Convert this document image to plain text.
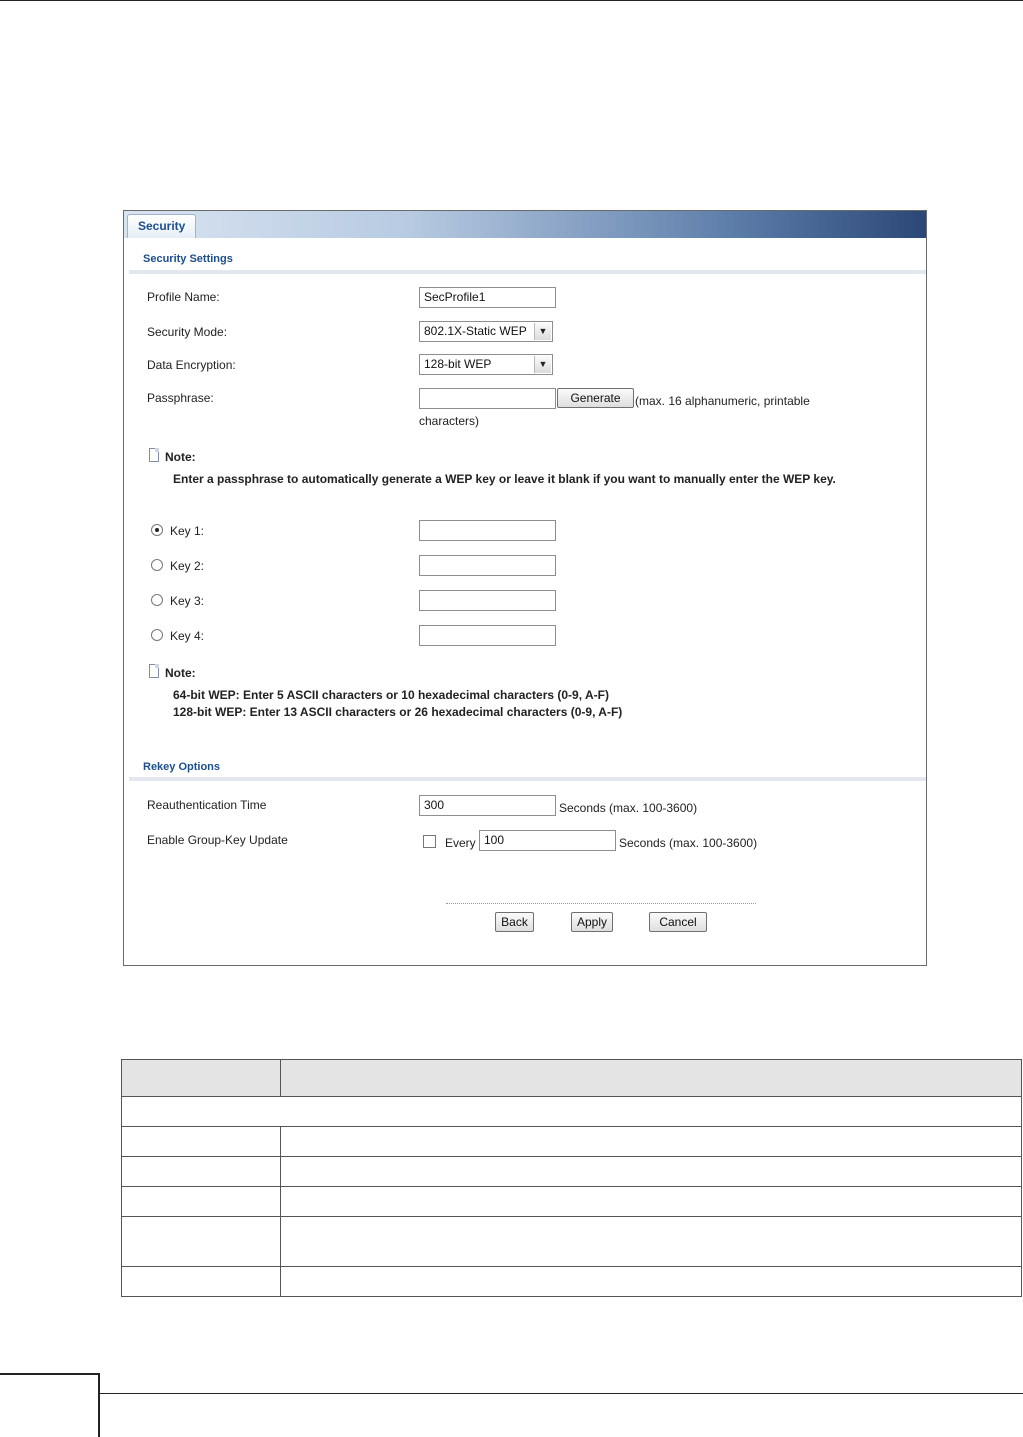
Security
Security Settings
Profile Name:	SecProfile1
Security Mode:	802.1X-Static WEP	▼
Data Encryption:	128-bit WEP	▼
Passphrase:	Generate	(max. 16 alphanumeric, printable
characters)
Note:
Enter a passphrase to automatically generate a WEP key or leave it blank if you want to manually enter the WEP key.
Key 1:
Key 2:
Key 3:
Key 4:
Note:
64-bit WEP: Enter 5 ASCII characters or 10 hexadecimal characters (0-9, A-F)
128-bit WEP: Enter 13 ASCII characters or 26 hexadecimal characters (0-9, A-F)
Rekey Options
Reauthentication Time	300	Seconds (max. 100-3600)
Enable Group-Key Update	Every 100	Seconds (max. 100-3600)
Back	Apply	Cancel
